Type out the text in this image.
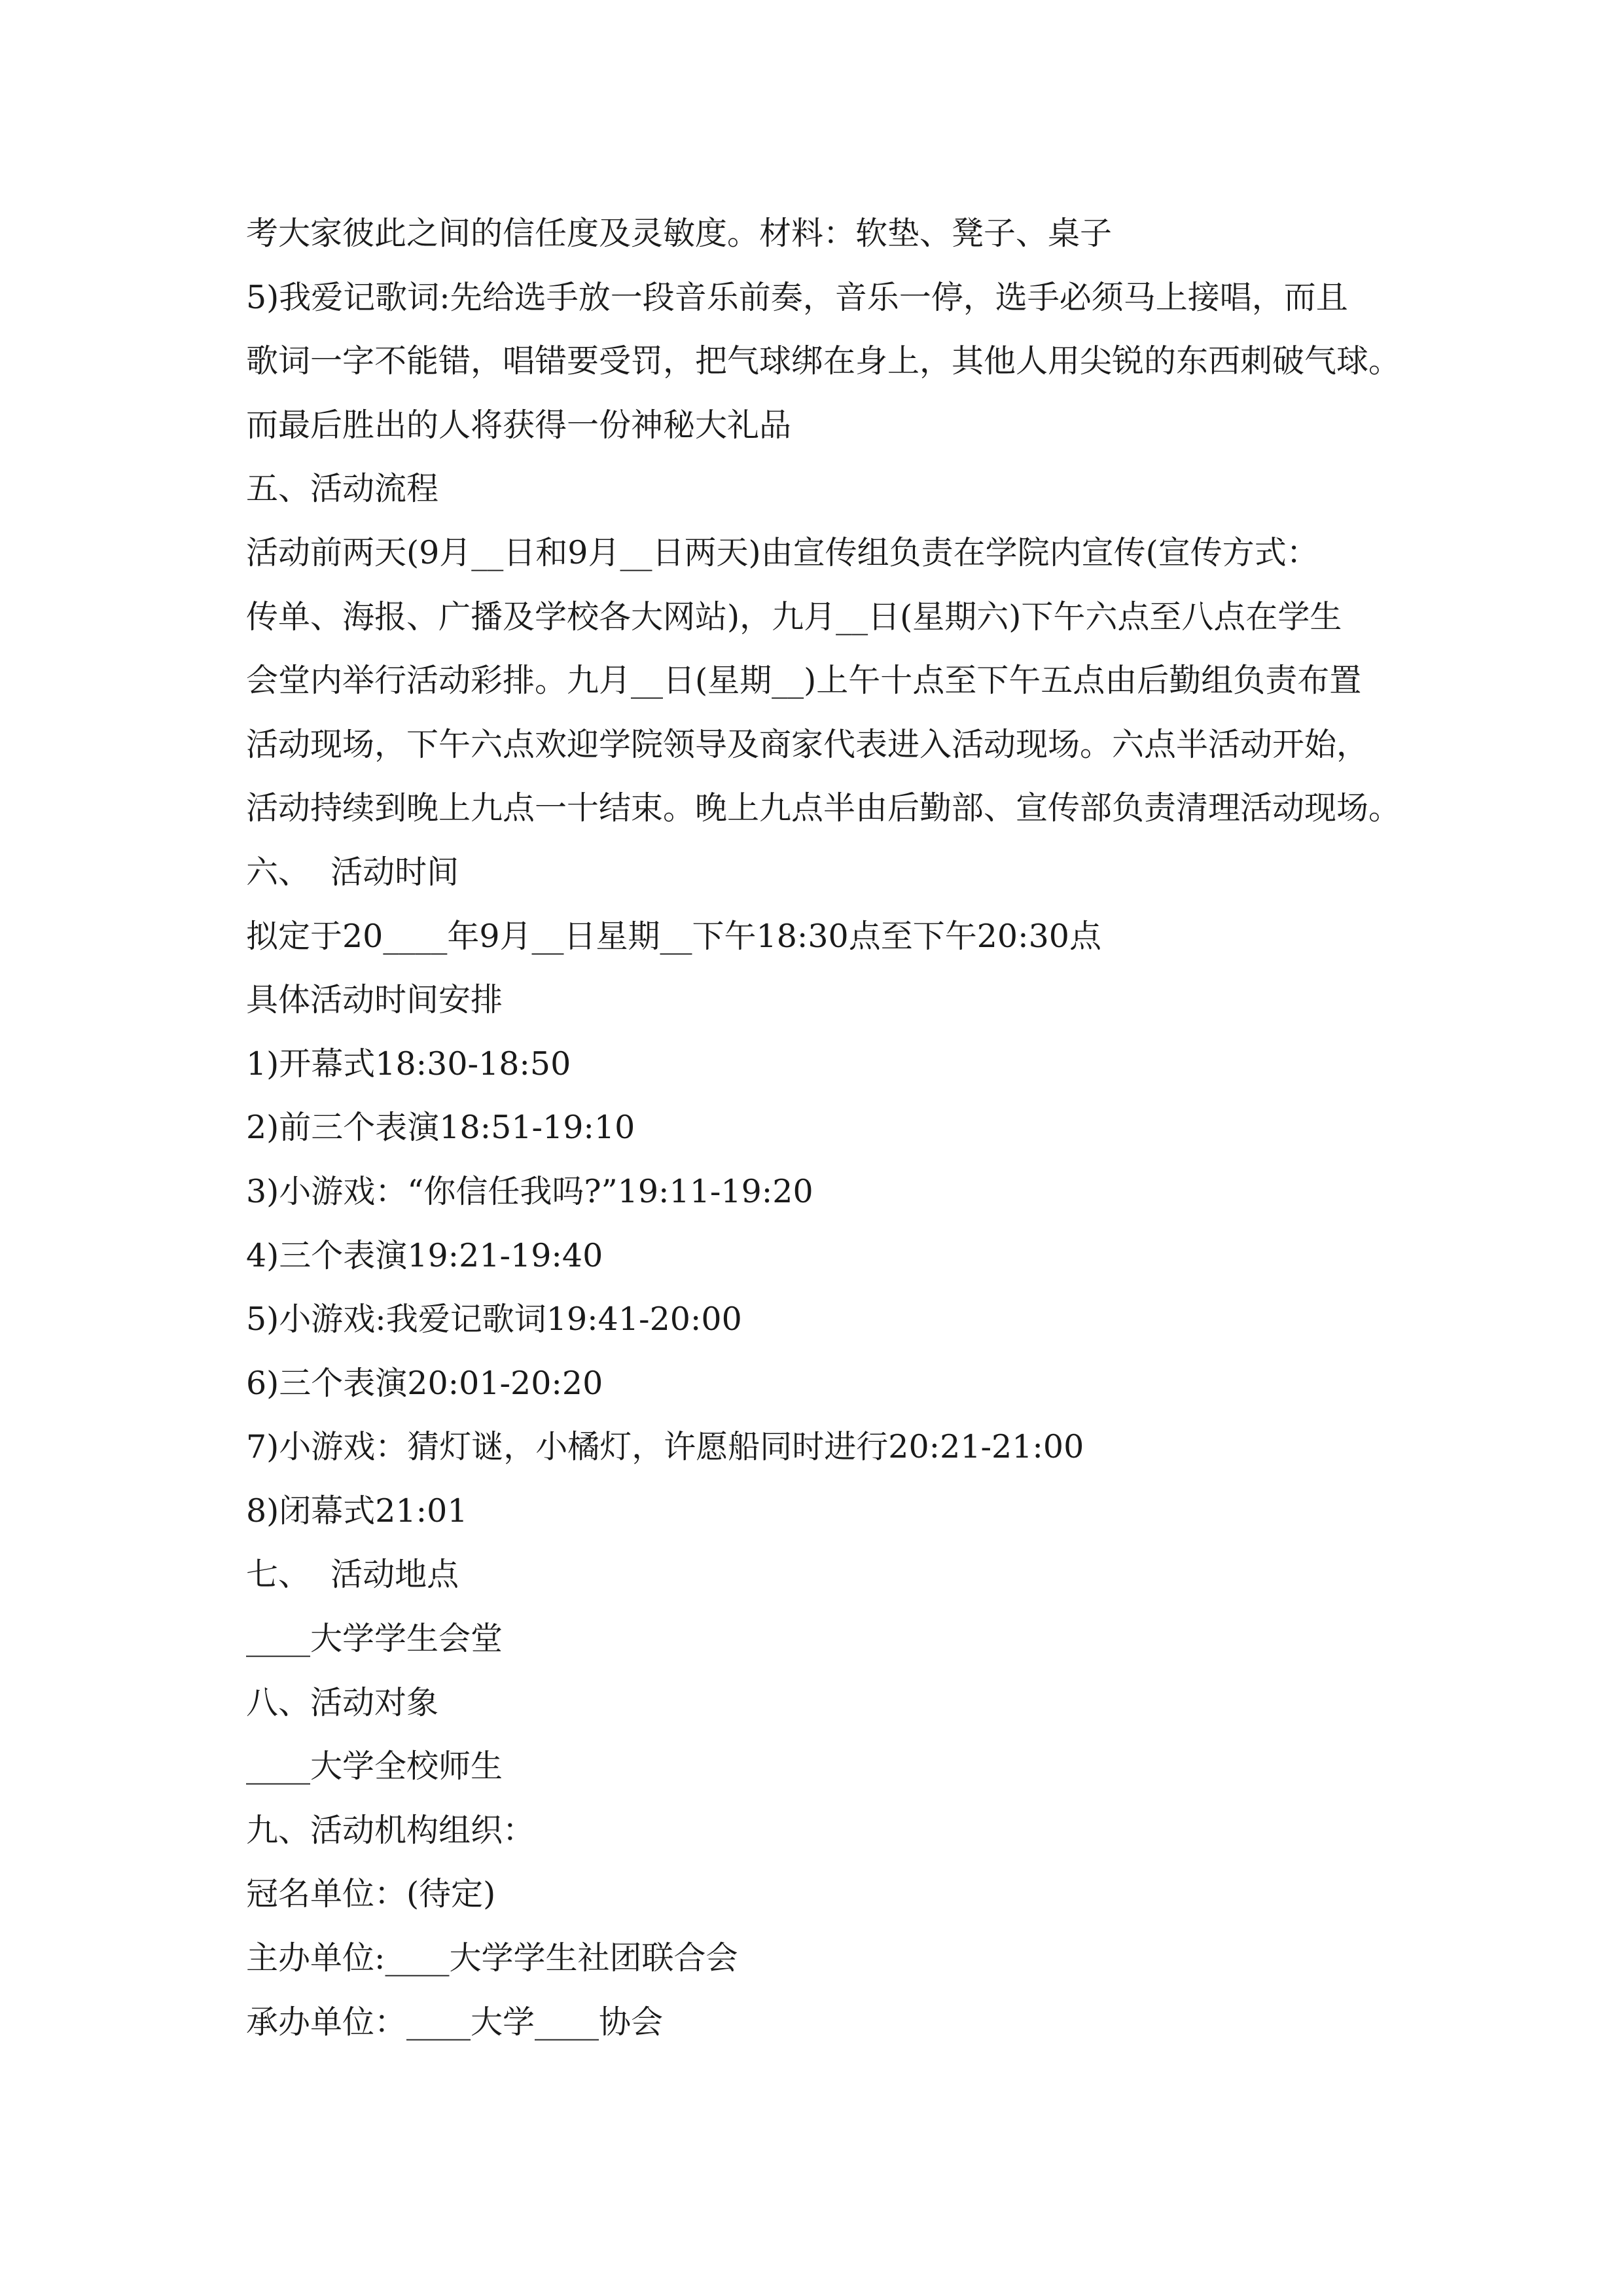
考大家彼此之间的信任度及灵敏度。材料：软垫、凳子、桌子
5)我爱记歌词:先给选手放一段音乐前奏，音乐一停，选手必须马上接唱，而且
歌词一字不能错，唱错要受罚，把气球绑在身上，其他人用尖锐的东西刺破气球。
而最后胜出的人将获得一份神秘大礼品
五、活动流程
活动前两天(9月__日和9月__日两天)由宣传组负责在学院内宣传(宣传方式：
传单、海报、广播及学校各大网站)，九月__日(星期六)下午六点至八点在学生
会堂内举行活动彩排。九月__日(星期__)上午十点至下午五点由后勤组负责布置
活动现场，下午六点欢迎学院领导及商家代表进入活动现场。六点半活动开始，
活动持续到晚上九点一十结束。晚上九点半由后勤部、宣传部负责清理活动现场。
六、  活动时间
拟定于20____年9月__日星期__下午18:30点至下午20:30点
具体活动时间安排
1)开幕式18:30-18:50
2)前三个表演18:51-19:10
3)小游戏：“你信任我吗?”19:11-19:20
4)三个表演19:21-19:40
5)小游戏:我爱记歌词19:41-20:00
6)三个表演20:01-20:20
7)小游戏：猜灯谜，小橘灯，许愿船同时进行20:21-21:00
8)闭幕式21:01
七、  活动地点
____大学学生会堂
八、活动对象
____大学全校师生
九、活动机构组织：
冠名单位：(待定)
主办单位:____大学学生社团联合会
承办单位：____大学____协会
